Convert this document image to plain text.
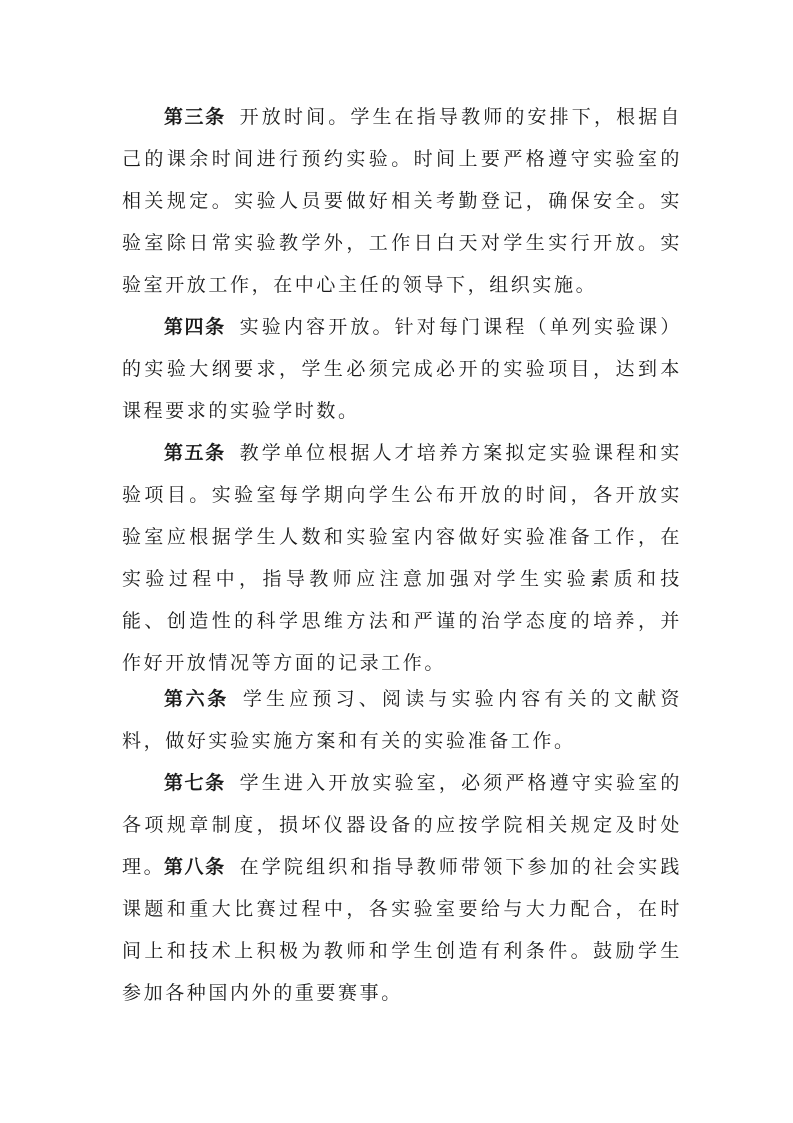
第三条 开放时间。学生在指导教师的安排下，根据自己的课余时间进行预约实验。时间上要严格遵守实验室的相关规定。实验人员要做好相关考勤登记，确保安全。实验室除日常实验教学外，工作日白天对学生实行开放。实验室开放工作，在中心主任的领导下，组织实施。

第四条 实验内容开放。针对每门课程（单列实验课）的实验大纲要求，学生必须完成必开的实验项目，达到本课程要求的实验学时数。

第五条 教学单位根据人才培养方案拟定实验课程和实验项目。实验室每学期向学生公布开放的时间，各开放实验室应根据学生人数和实验室内容做好实验准备工作，在实验过程中，指导教师应注意加强对学生实验素质和技能、创造性的科学思维方法和严谨的治学态度的培养，并作好开放情况等方面的记录工作。

第六条 学生应预习、阅读与实验内容有关的文献资料，做好实验实施方案和有关的实验准备工作。

第七条 学生进入开放实验室，必须严格遵守实验室的各项规章制度，损坏仪器设备的应按学院相关规定及时处理。

第八条 在学院组织和指导教师带领下参加的社会实践课题和重大比赛过程中，各实验室要给与大力配合，在时间上和技术上积极为教师和学生创造有利条件。鼓励学生参加各种国内外的重要赛事。
